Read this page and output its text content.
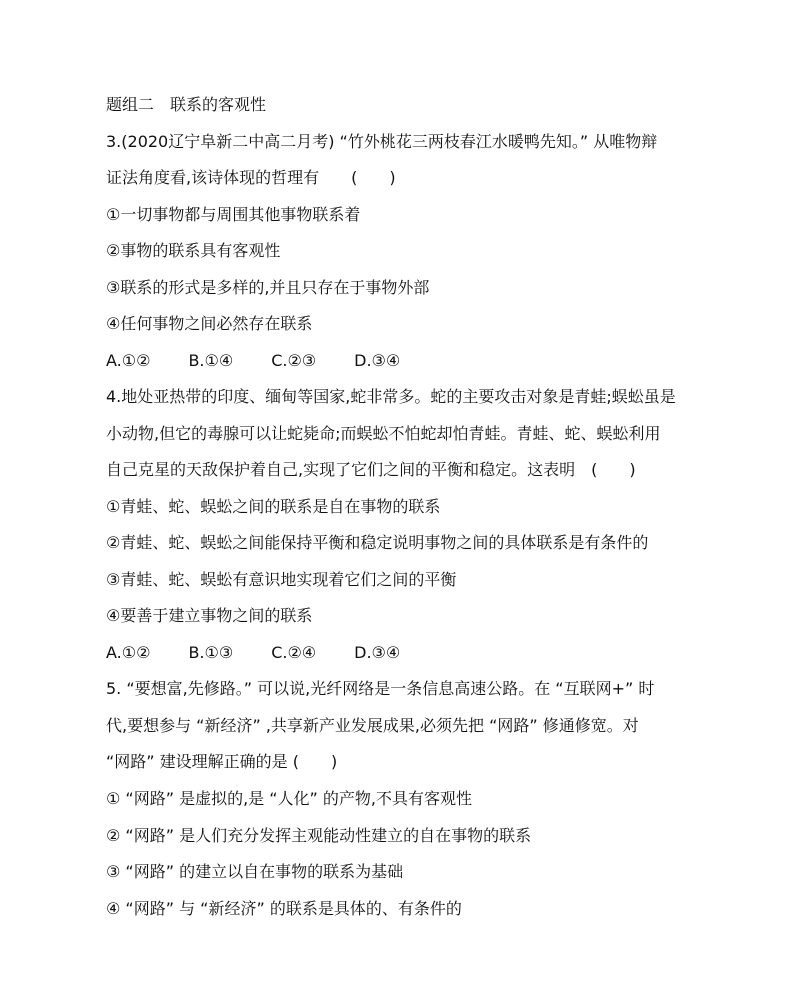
题组二　联系的客观性
3.(2020辽宁阜新二中高二月考) “竹外桃花三两枝春江水暖鸭先知。” 从唯物辩
证法角度看,该诗体现的哲理有　　(　　)
①一切事物都与周围其他事物联系着
②事物的联系具有客观性
③联系的形式是多样的,并且只存在于事物外部
④任何事物之间必然存在联系
A.①② B.①④ C.②③ D.③④
4.地处亚热带的印度、缅甸等国家,蛇非常多。蛇的主要攻击对象是青蛙;蜈蚣虽是
小动物,但它的毒腺可以让蛇毙命;而蜈蚣不怕蛇却怕青蛙。青蛙、蛇、蜈蚣利用
自己克星的天敌保护着自己,实现了它们之间的平衡和稳定。这表明　(　　)
①青蛙、蛇、蜈蚣之间的联系是自在事物的联系
②青蛙、蛇、蜈蚣之间能保持平衡和稳定说明事物之间的具体联系是有条件的
③青蛙、蛇、蜈蚣有意识地实现着它们之间的平衡
④要善于建立事物之间的联系
A.①② B.①③ C.②④ D.③④
5. “要想富,先修路。” 可以说,光纤网络是一条信息高速公路。在 “互联网+” 时
代,要想参与 “新经济” ,共享新产业发展成果,必须先把 “网路” 修通修宽。对
“网路” 建设理解正确的是 (　　)
① “网路” 是虚拟的,是 “人化” 的产物,不具有客观性
② “网路” 是人们充分发挥主观能动性建立的自在事物的联系
③ “网路” 的建立以自在事物的联系为基础
④ “网路” 与 “新经济” 的联系是具体的、有条件的
